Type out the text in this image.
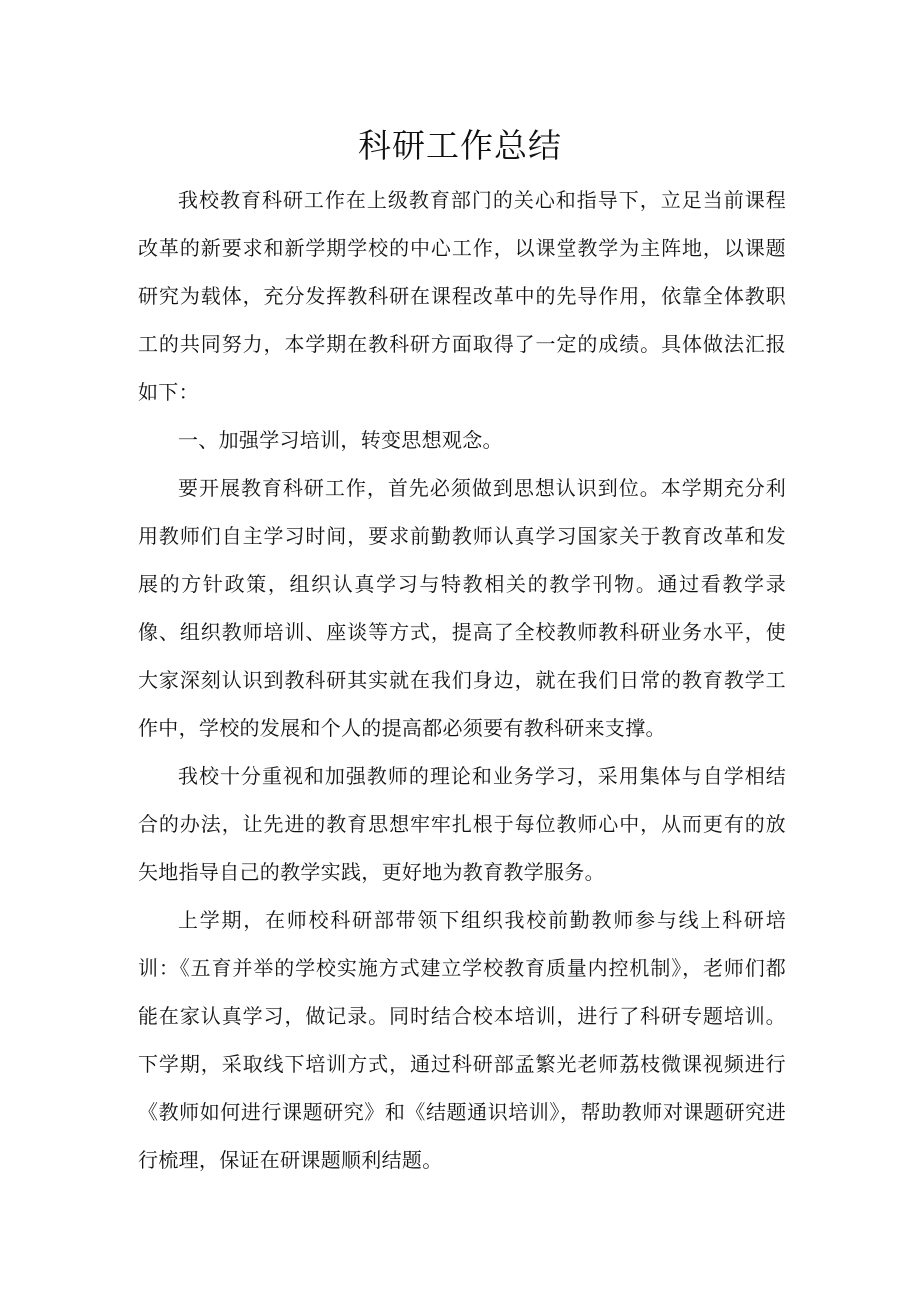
科研工作总结

我校教育科研工作在上级教育部门的关心和指导下，立足当前课程改革的新要求和新学期学校的中心工作，以课堂教学为主阵地，以课题研究为载体，充分发挥教科研在课程改革中的先导作用，依靠全体教职工的共同努力，本学期在教科研方面取得了一定的成绩。具体做法汇报如下：

一、加强学习培训，转变思想观念。

要开展教育科研工作，首先必须做到思想认识到位。本学期充分利用教师们自主学习时间，要求前勤教师认真学习国家关于教育改革和发展的方针政策，组织认真学习与特教相关的教学刊物。通过看教学录像、组织教师培训、座谈等方式，提高了全校教师教科研业务水平，使大家深刻认识到教科研其实就在我们身边，就在我们日常的教育教学工作中，学校的发展和个人的提高都必须要有教科研来支撑。

我校十分重视和加强教师的理论和业务学习，采用集体与自学相结合的办法，让先进的教育思想牢牢扎根于每位教师心中，从而更有的放矢地指导自己的教学实践，更好地为教育教学服务。

上学期，在师校科研部带领下组织我校前勤教师参与线上科研培训：《五育并举的学校实施方式建立学校教育质量内控机制》，老师们都能在家认真学习，做记录。同时结合校本培训，进行了科研专题培训。下学期，采取线下培训方式，通过科研部孟繁光老师荔枝微课视频进行《教师如何进行课题研究》和《结题通识培训》，帮助教师对课题研究进行梳理，保证在研课题顺利结题。
